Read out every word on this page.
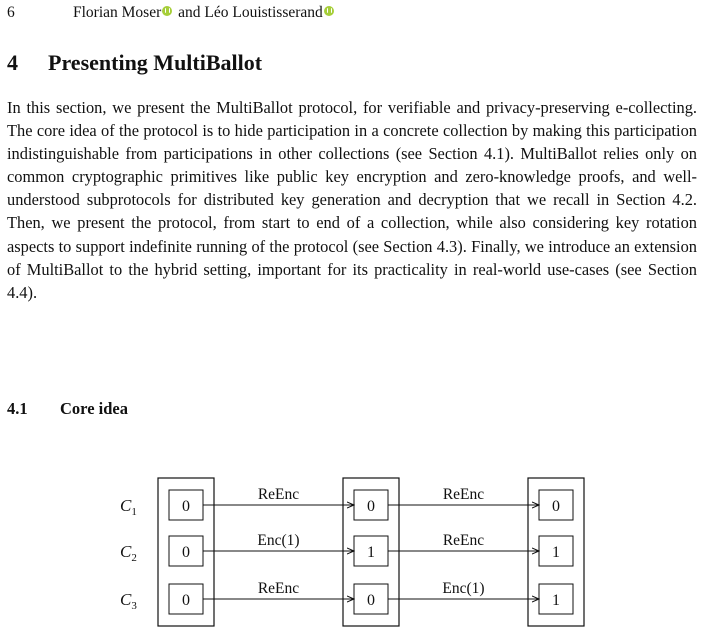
6	Florian Moser and Léo Louistisserand
4 Presenting MultiBallot

In this section, we present the MultiBallot protocol, for verifiable and privacy-preserving e-collecting. The core idea of the protocol is to hide participation in a concrete collection by making this participation indistinguishable from participations in other collections (see Section 4.1). MultiBallot relies only on common cryptographic primitives like public key encryption and zero-knowledge proofs, and well-understood subprotocols for distributed key generation and decryption that we recall in Section 4.2. Then, we present the protocol, from start to end of a collection, while also considering key rotation aspects to support indefinite running of the protocol (see Section 4.3). Finally, we introduce an extension of MultiBallot to the hybrid setting, important for its practicality in real-world use-cases (see Section 4.4).

4.1 Core idea
$C_1$
$C_2$
$C_3$
0
0
0
0
1
0
0
1
1
ReEnc
Enc(1)
ReEnc
ReEnc
ReEnc
Enc(1)
